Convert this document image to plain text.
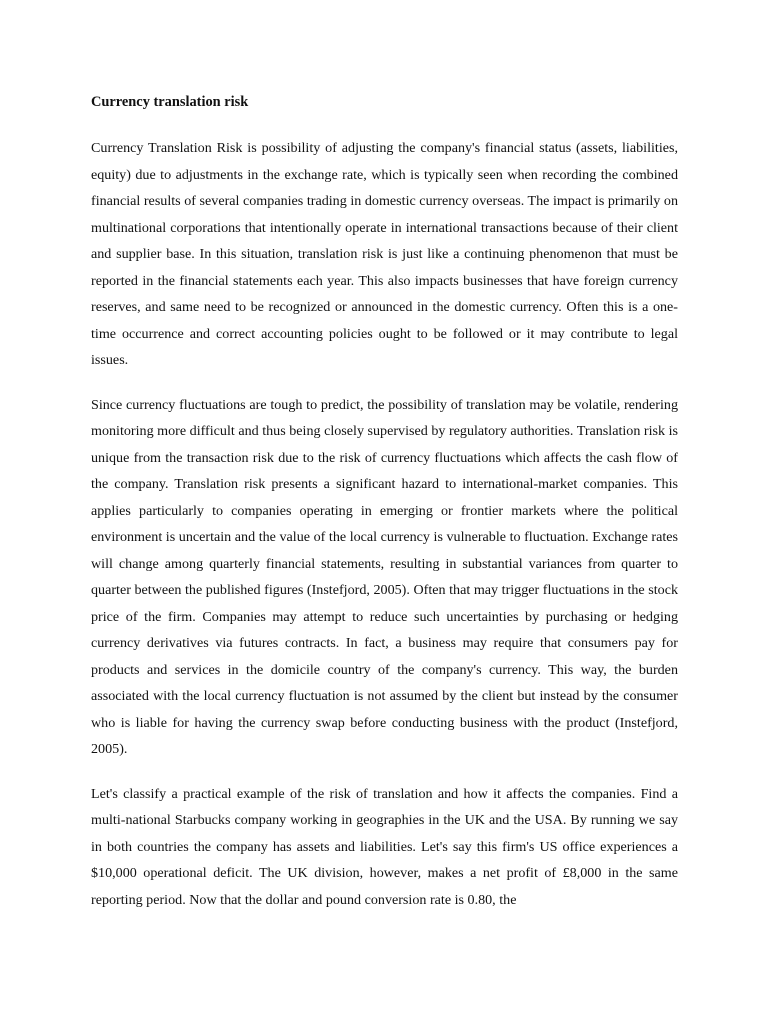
Currency translation risk

Currency Translation Risk is possibility of adjusting the company's financial status (assets, liabilities, equity) due to adjustments in the exchange rate, which is typically seen when recording the combined financial results of several companies trading in domestic currency overseas. The impact is primarily on multinational corporations that intentionally operate in international transactions because of their client and supplier base. In this situation, translation risk is just like a continuing phenomenon that must be reported in the financial statements each year. This also impacts businesses that have foreign currency reserves, and same need to be recognized or announced in the domestic currency. Often this is a one-time occurrence and correct accounting policies ought to be followed or it may contribute to legal issues.

Since currency fluctuations are tough to predict, the possibility of translation may be volatile, rendering monitoring more difficult and thus being closely supervised by regulatory authorities. Translation risk is unique from the transaction risk due to the risk of currency fluctuations which affects the cash flow of the company. Translation risk presents a significant hazard to international-market companies. This applies particularly to companies operating in emerging or frontier markets where the political environment is uncertain and the value of the local currency is vulnerable to fluctuation. Exchange rates will change among quarterly financial statements, resulting in substantial variances from quarter to quarter between the published figures (Instefjord, 2005). Often that may trigger fluctuations in the stock price of the firm. Companies may attempt to reduce such uncertainties by purchasing or hedging currency derivatives via futures contracts. In fact, a business may require that consumers pay for products and services in the domicile country of the company's currency. This way, the burden associated with the local currency fluctuation is not assumed by the client but instead by the consumer who is liable for having the currency swap before conducting business with the product (Instefjord, 2005).

Let's classify a practical example of the risk of translation and how it affects the companies. Find a multi-national Starbucks company working in geographies in the UK and the USA. By running we say in both countries the company has assets and liabilities. Let's say this firm's US office experiences a $10,000 operational deficit. The UK division, however, makes a net profit of £8,000 in the same reporting period. Now that the dollar and pound conversion rate is 0.80, the
